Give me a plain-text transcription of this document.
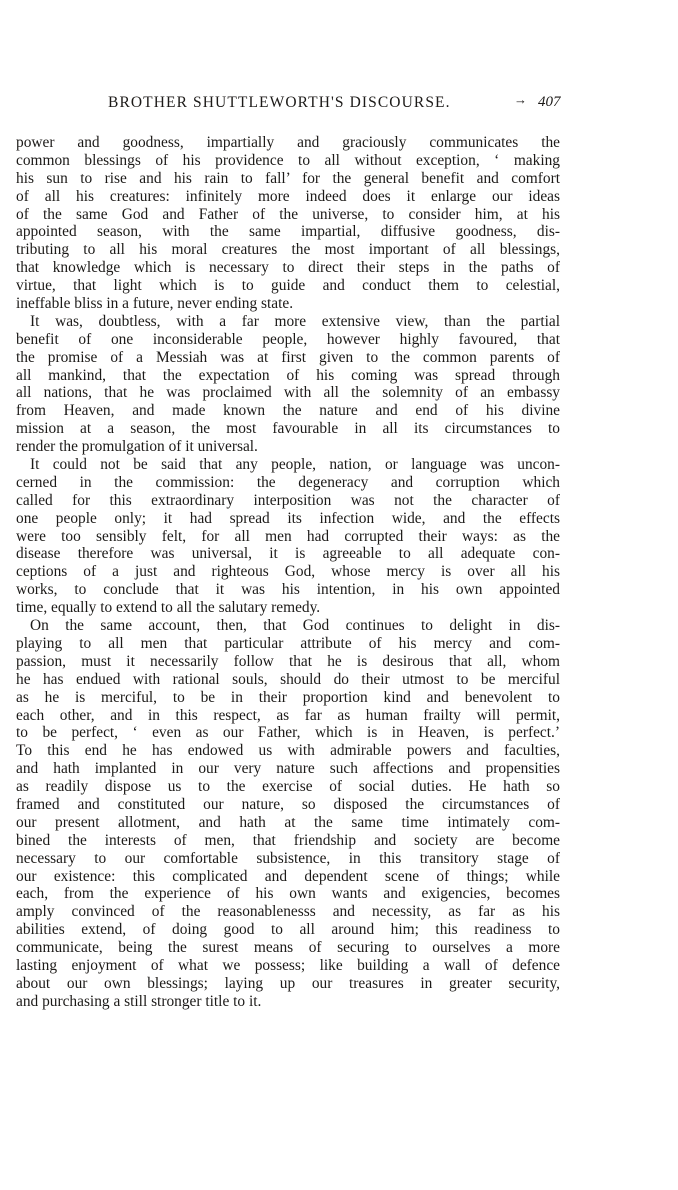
BROTHER SHUTTLEWORTH'S DISCOURSE.	→ 407

power and goodness, impartially and graciously communicates the

common blessings of his providence to all without exception, ‘ making

his sun to rise and his rain to fall’ for the general benefit and comfort

of all his creatures: infinitely more indeed does it enlarge our ideas

of the same God and Father of the universe, to consider him, at his

appointed season, with the same impartial, diffusive goodness, dis-

tributing to all his moral creatures the most important of all blessings,

that knowledge which is necessary to direct their steps in the paths of

virtue, that light which is to guide and conduct them to celestial,

ineffable bliss in a future, never ending state.

It was, doubtless, with a far more extensive view, than the partial

benefit of one inconsiderable people, however highly favoured, that

the promise of a Messiah was at first given to the common parents of

all mankind, that the expectation of his coming was spread through

all nations, that he was proclaimed with all the solemnity of an embassy

from Heaven, and made known the nature and end of his divine

mission at a season, the most favourable in all its circumstances to

render the promulgation of it universal.

It could not be said that any people, nation, or language was uncon-

cerned in the commission: the degeneracy and corruption which

called for this extraordinary interposition was not the character of

one people only; it had spread its infection wide, and the effects

were too sensibly felt, for all men had corrupted their ways: as the

disease therefore was universal, it is agreeable to all adequate con-

ceptions of a just and righteous God, whose mercy is over all his

works, to conclude that it was his intention, in his own appointed

time, equally to extend to all the salutary remedy.

On the same account, then, that God continues to delight in dis-

playing to all men that particular attribute of his mercy and com-

passion, must it necessarily follow that he is desirous that all, whom

he has endued with rational souls, should do their utmost to be merciful

as he is merciful, to be in their proportion kind and benevolent to

each other, and in this respect, as far as human frailty will permit,

to be perfect, ‘ even as our Father, which is in Heaven, is perfect.’

To this end he has endowed us with admirable powers and faculties,

and hath implanted in our very nature such affections and propensities

as readily dispose us to the exercise of social duties. He hath so

framed and constituted our nature, so disposed the circumstances of

our present allotment, and hath at the same time intimately com-

bined the interests of men, that friendship and society are become

necessary to our comfortable subsistence, in this transitory stage of

our existence: this complicated and dependent scene of things; while

each, from the experience of his own wants and exigencies, becomes

amply convinced of the reasonablenesss and necessity, as far as his

abilities extend, of doing good to all around him; this readiness to

communicate, being the surest means of securing to ourselves a more

lasting enjoyment of what we possess; like building a wall of defence

about our own blessings; laying up our treasures in greater security,

and purchasing a still stronger title to it.
